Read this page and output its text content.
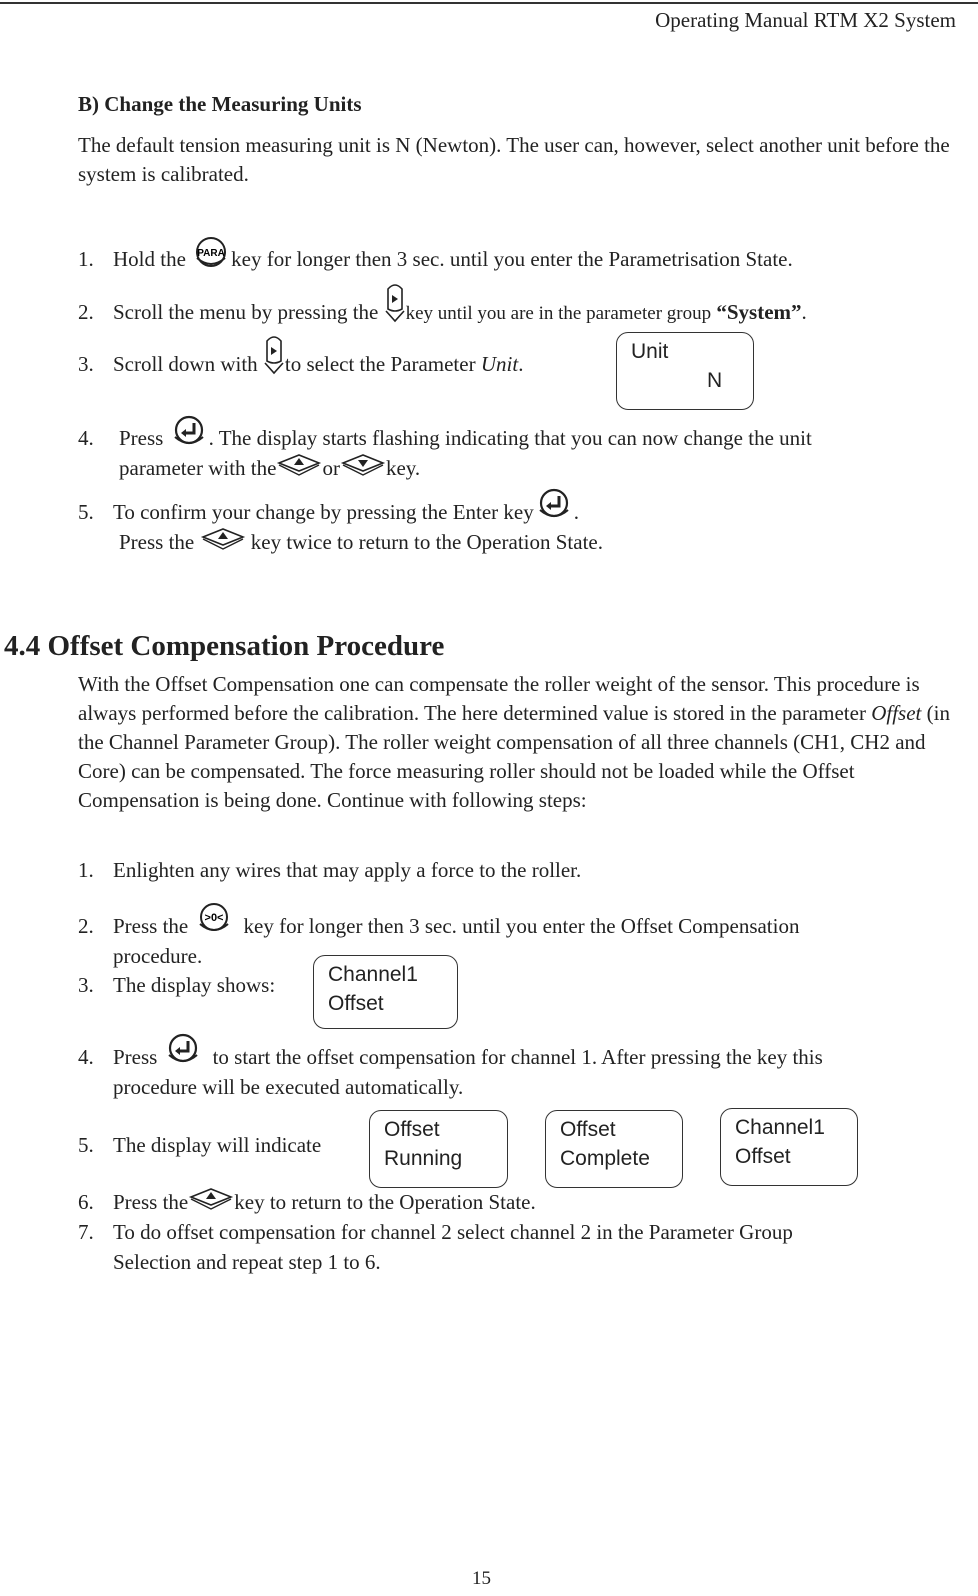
Operating Manual RTM X2 System
B) Change the Measuring Units
The default tension measuring unit is N (Newton). The user can, however, select another unit before the system is calibrated.
1. Hold the PARA key for longer then 3 sec. until you enter the Parametrisation State.
2. Scroll the menu by pressing the key until you are in the parameter group “System”.
3. Scroll down with to select the Parameter Unit.
Unit
N
4. Press . The display starts flashing indicating that you can now change the unit
parameter with the or key.
5. To confirm your change by pressing the Enter key .
Press the	key twice to return to the Operation State.
4.4 Offset Compensation Procedure
With the Offset Compensation one can compensate the roller weight of the sensor. This procedure is always performed before the calibration. The here determined value is stored in the parameter Offset (in the Channel Parameter Group). The roller weight compensation of all three channels (CH1, CH2 and Core) can be compensated. The force measuring roller should not be loaded while the Offset Compensation is being done. Continue with following steps:
1. Enlighten any wires that may apply a force to the roller.
2. Press the >0< key for longer then 3 sec. until you enter the Offset Compensation
procedure.
3. The display shows:	Channel1
Offset
4. Press	to start the offset compensation for channel 1. After pressing the key this
procedure will be executed automatically.
5. The display will indicate
Offset
Running
Offset
Complete
Channel1
Offset
6. Press the key to return to the Operation State.
7. To do offset compensation for channel 2 select channel 2 in the Parameter Group
Selection and repeat step 1 to 6.
15
